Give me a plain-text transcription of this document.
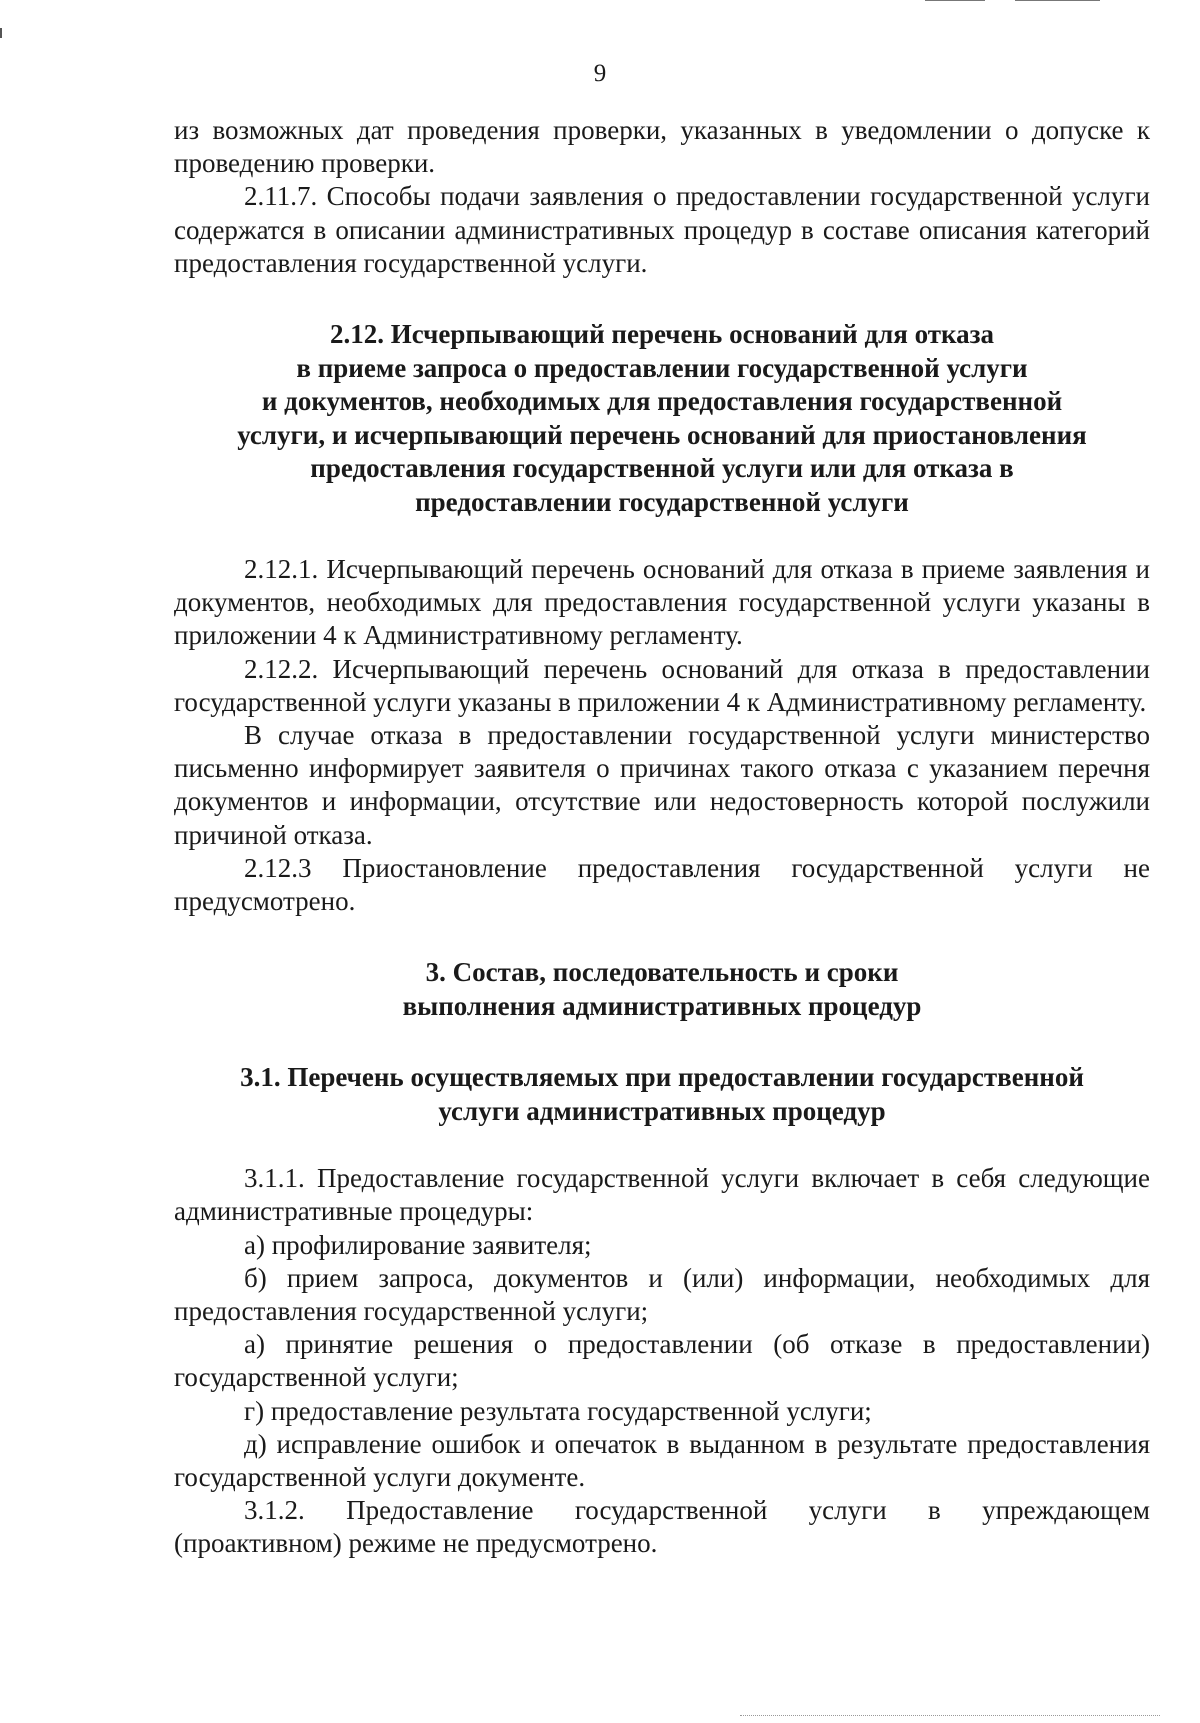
9

из возможных дат проведения проверки, указанных в уведомлении о допуске к проведению проверки.

2.11.7. Способы подачи заявления о предоставлении государственной услуги содержатся в описании административных процедур в составе описания категорий предоставления государственной услуги.

2.12. Исчерпывающий перечень оснований для отказа
в приеме запроса о предоставлении государственной услуги
и документов, необходимых для предоставления государственной
услуги, и исчерпывающий перечень оснований для приостановления
предоставления государственной услуги или для отказа в
предоставлении государственной услуги

2.12.1. Исчерпывающий перечень оснований для отказа в приеме заявления и документов, необходимых для предоставления государственной услуги указаны в приложении 4 к Административному регламенту.

2.12.2. Исчерпывающий перечень оснований для отказа в предоставлении государственной услуги указаны в приложении 4 к Административному регламенту.

В случае отказа в предоставлении государственной услуги министерство письменно информирует заявителя о причинах такого отказа с указанием перечня документов и информации, отсутствие или недостоверность которой послужили причиной отказа.

2.12.3 Приостановление предоставления государственной услуги не предусмотрено.

3. Состав, последовательность и сроки
выполнения административных процедур
3.1. Перечень осуществляемых при предоставлении государственной
услуги административных процедур

3.1.1. Предоставление государственной услуги включает в себя следующие административные процедуры:

а) профилирование заявителя;

б) прием запроса, документов и (или) информации, необходимых для предоставления государственной услуги;

а) принятие решения о предоставлении (об отказе в предоставлении) государственной услуги;

г) предоставление результата государственной услуги;

д) исправление ошибок и опечаток в выданном в результате предоставления государственной услуги документе.

3.1.2. Предоставление государственной услуги в упреждающем (проактивном) режиме не предусмотрено.
